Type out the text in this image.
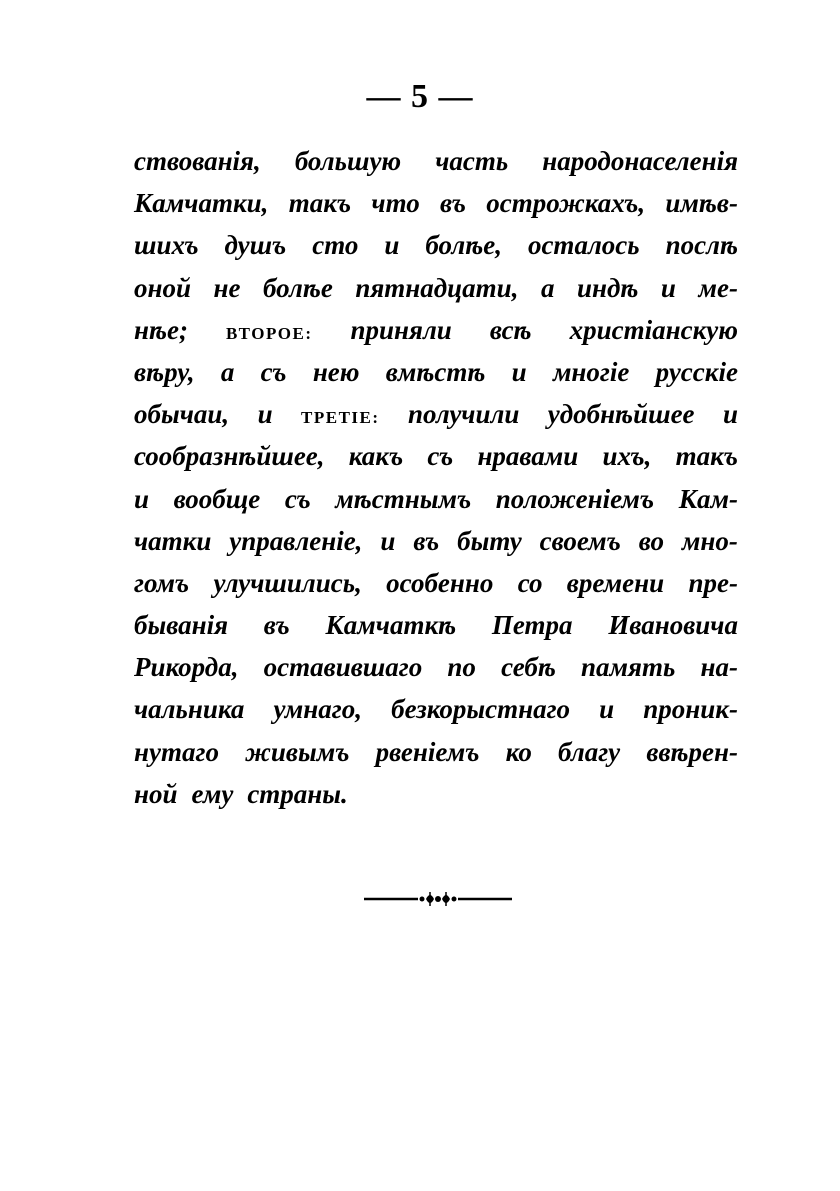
— 5 —
ствованія, большую часть народонаселенія
Камчатки, такъ что въ острожкахъ, имѣв-
шихъ душъ сто и болѣе, осталось послѣ
оной не болѣе пятнадцати, а индѣ и ме-
нѣе; ВТОРОЕ: приняли всѣ христіанскую
вѣру, а съ нею вмѣстѣ и многіе русскіе
обычаи, и ТРЕТІЕ: получили удобнѣйшее и
сообразнѣйшее, какъ съ нравами ихъ, такъ
и вообще съ мѣстнымъ положеніемъ Кам-
чатки управленіе, и въ быту своемъ во мно-
гомъ улучшились, особенно со времени пре-
быванія въ Камчаткѣ Петра Ивановича
Рикорда, оставившаго по себѣ память на-
чальника умнаго, безкорыстнаго и проник-
нутаго живымъ рвеніемъ ко благу ввѣрен-
ной ему страны.
